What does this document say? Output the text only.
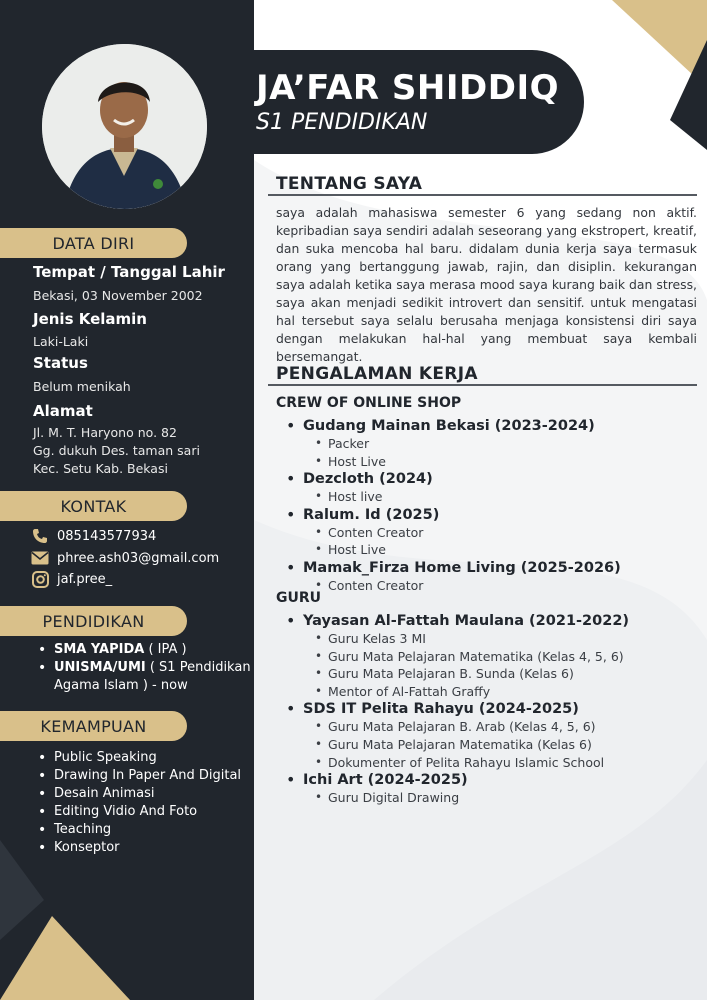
JA’FAR SHIDDIQ
S1 PENDIDIKAN
DATA DIRI
Tempat / Tanggal Lahir
Bekasi, 03 November 2002
Jenis Kelamin
Laki-Laki
Status
Belum menikah
Alamat
Jl. M. T. Haryono no. 82
Gg. dukuh Des. taman sari
Kec. Setu Kab. Bekasi
KONTAK
085143577934
phree.ash03@gmail.com
jaf.pree_
PENDIDIKAN
• SMA YAPIDA ( IPA )
• UNISMA/UMI ( S1 Pendidikan
Agama Islam ) - now
KEMAMPUAN
• Public Speaking
• Drawing In Paper And Digital
• Desain Animasi
• Editing Vidio And Foto
• Teaching
• Konseptor
TENTANG SAYA

saya adalah mahasiswa semester 6 yang sedang non aktif. kepribadian saya sendiri adalah seseorang yang ekstropert, kreatif, dan suka mencoba hal baru. didalam dunia kerja saya termasuk orang yang bertanggung jawab, rajin, dan disiplin. kekurangan saya adalah ketika saya merasa mood saya kurang baik dan stress, saya akan menjadi sedikit introvert dan sensitif. untuk mengatasi hal tersebut saya selalu berusaha menjaga konsistensi diri saya dengan melakukan hal-hal yang membuat saya kembali bersemangat.

PENGALAMAN KERJA
CREW OF ONLINE SHOP
• Gudang Mainan Bekasi (2023-2024)
• Packer
• Host Live
• Dezcloth (2024)
• Host live
• Ralum. Id (2025)
• Conten Creator
• Host Live
• Mamak_Firza Home Living (2025-2026)
• Conten Creator
GURU
• Yayasan Al-Fattah Maulana (2021-2022)
• Guru Kelas 3 MI
• Guru Mata Pelajaran Matematika (Kelas 4, 5, 6)
• Guru Mata Pelajaran B. Sunda (Kelas 6)
• Mentor of Al-Fattah Graffy
• SDS IT Pelita Rahayu (2024-2025)
• Guru Mata Pelajaran B. Arab (Kelas 4, 5, 6)
• Guru Mata Pelajaran Matematika (Kelas 6)
• Dokumenter of Pelita Rahayu Islamic School
• Ichi Art (2024-2025)
• Guru Digital Drawing
